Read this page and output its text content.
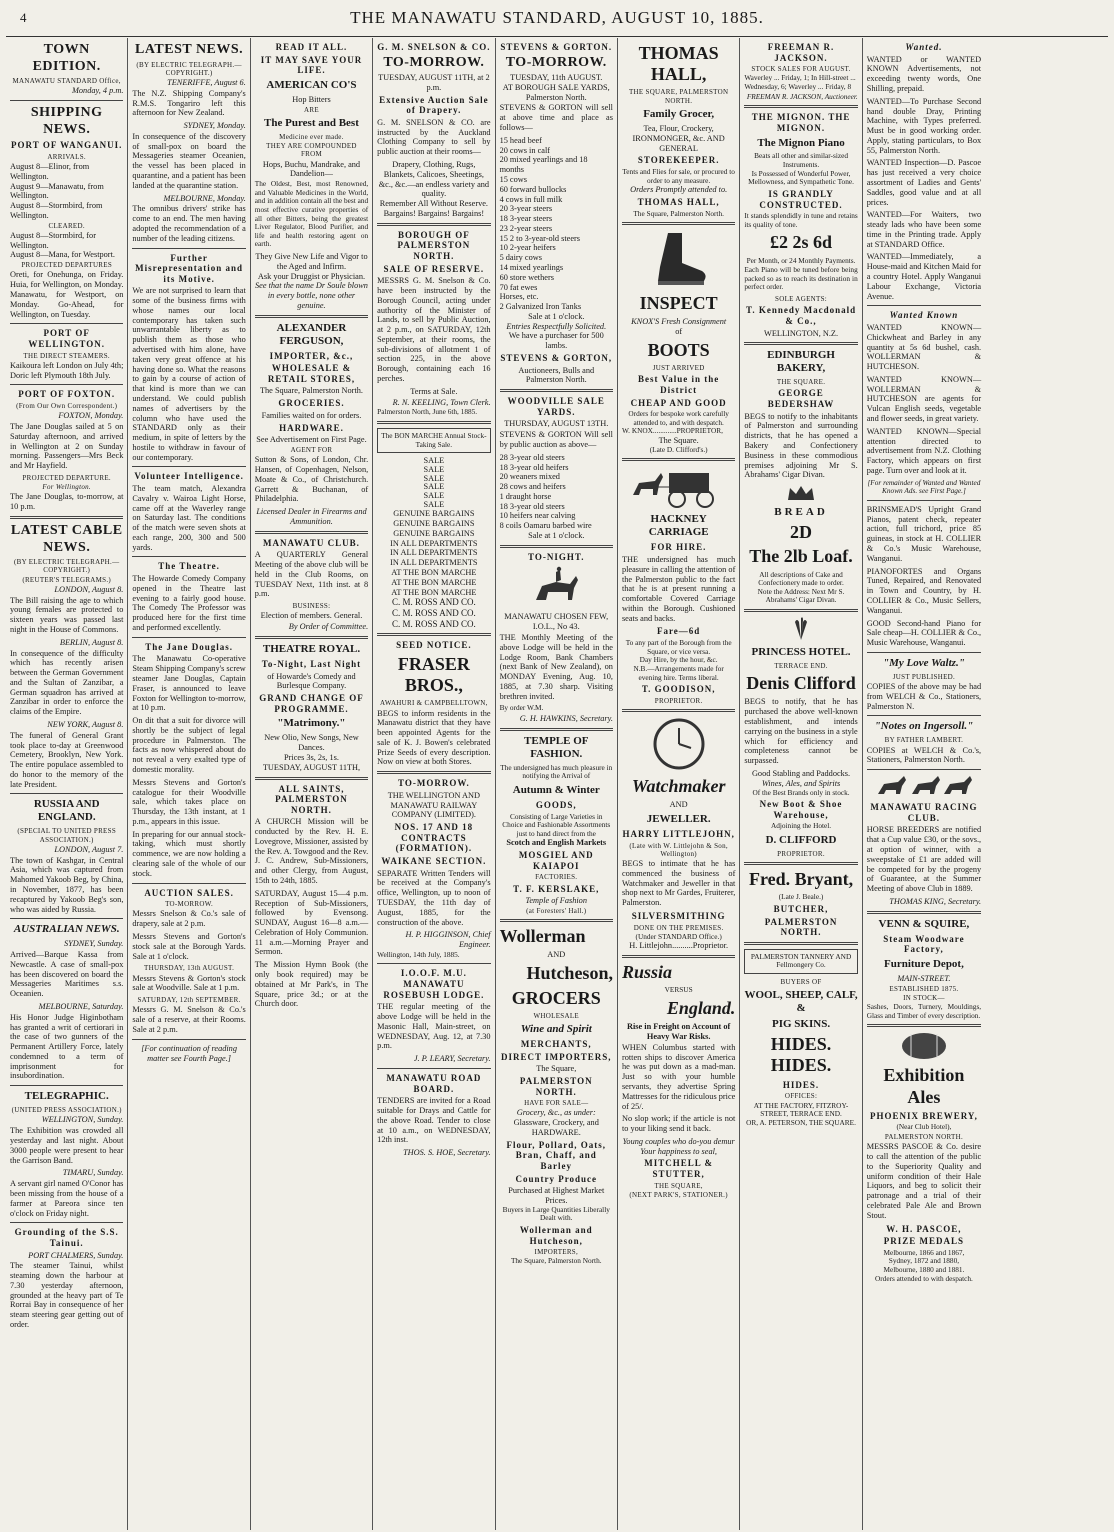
4	THE MANAWATU STANDARD, AUGUST 10, 1885.
TOWN EDITION.
MANAWATU STANDARD Office,
Monday, 4 p.m.
SHIPPING NEWS.
PORT OF WANGANUI.
ARRIVALS.
August 8—Elinor, from Wellington.
August 9—Manawatu, from Wellington.
August 8—Stormbird, from Wellington.
CLEARED.
August 8—Stormbird, for Wellington.
August 8—Mana, for Westport.
PROJECTED DEPARTURES
Oreti, for Onehunga, on Friday. Huia, for Wellington, on Monday. Manawatu, for Westport, on Monday. Go-Ahead, for Wellington, on Tuesday.
PORT OF WELLINGTON.
THE DIRECT STEAMERS.
Kaikoura left London on July 4th; Doric left Plymouth 18th July.
PORT OF FOXTON.
(From Our Own Correspondent.)
FOXTON, Monday.
The Jane Douglas sailed at 5 on Saturday afternoon, and arrived in Wellington at 2 on Sunday morning. Passengers—Mrs Beck and Mr Hayfield.
PROJECTED DEPARTURE.
For Wellington.
The Jane Douglas, to-morrow, at 10 p.m.
LATEST CABLE NEWS.
(BY ELECTRIC TELEGRAPH.—COPYRIGHT.)
(REUTER'S TELEGRAMS.)
LONDON, August 8.
The Bill raising the age to which young females are protected to sixteen years was passed last night in the House of Commons.
BERLIN, August 8.
In consequence of the difficulty which has recently arisen between the German Government and the Sultan of Zanzibar, a German squadron has arrived at Zanzibar in order to enforce the claims of the Empire.
NEW YORK, August 8.
The funeral of General Grant took place to-day at Greenwood Cemetery, Brooklyn, New York. The entire populace assembled to do honor to the memory of the late President.
RUSSIA AND ENGLAND.
(SPECIAL TO UNITED PRESS ASSOCIATION.)
LONDON, August 7.
The town of Kashgar, in Central Asia, which was captured from Mahomed Yakoob Beg, by China, in November, 1877, has been recaptured by Yakoob Beg's son, who was aided by Russia.
AUSTRALIAN NEWS.
SYDNEY, Sunday.
Arrived—Barque Kassa from Newcastle. A case of small-pox has been discovered on board the Messageries Maritimes s.s. Oceanien.
MELBOURNE, Saturday.
His Honor Judge Higinbotham has granted a writ of certiorari in the case of two gunners of the Permanent Artillery Force, lately condemned to a term of imprisonment for insubordination.
TELEGRAPHIC.
(UNITED PRESS ASSOCIATION.)
WELLINGTON, Sunday.
The Exhibition was crowded all yesterday and last night. About 3000 people were present to hear the Garrison Band.
TIMARU, Sunday.
A servant girl named O'Conor has been missing from the house of a farmer at Pareora since ten o'clock on Friday night.
Grounding of the S.S. Tainui.
PORT CHALMERS, Sunday.
The steamer Tainui, whilst steaming down the harbour at 7.30 yesterday afternoon, grounded at the heavy part of Te Rorrai Bay in consequence of her steam steering gear getting out of order.
LATEST NEWS.
(BY ELECTRIC TELEGRAPH.—COPYRIGHT.)
TENERIFFE, August 6.
The N.Z. Shipping Company's R.M.S. Tongariro left this afternoon for New Zealand.
SYDNEY, Monday.
In consequence of the discovery of small-pox on board the Messageries steamer Oceanien, the vessel has been placed in quarantine, and a patient has been landed at the quarantine station.
MELBOURNE, Monday.
The omnibus drivers' strike has come to an end. The men having adopted the recommendation of a number of the leading citizens.
Further Misrepresentation and its Motive.
We are not surprised to learn that some of the business firms with whose names our local contemporary has taken such unwarrantable liberty as to publish them as those who advertised with him alone, have taken very great offence at his having done so. What the reasons to gain by a course of action of that kind is more than we can understand. We could publish names of advertisers by the column who have used the STANDARD only as their medium, in spite of letters by the hostile to withdraw in favour of our contemporary.
Volunteer Intelligence.
The team match, Alexandra Cavalry v. Wairoa Light Horse, came off at the Waverley range on Saturday last. The conditions of the match were seven shots at each range, 200, 300 and 500 yards.
The Theatre.
The Howarde Comedy Company opened in the Theatre last evening to a fairly good house. The Comedy The Professor was produced here for the first time and performed excellently.
The Jane Douglas.
The Manawatu Co-operative Steam Shipping Company's screw steamer Jane Douglas, Captain Fraser, is announced to leave Foxton for Wellington to-morrow, at 10 p.m.
On dit that a suit for divorce will shortly be the subject of legal procedure in Palmerston. The facts as now whispered about do not reveal a very exalted type of domestic morality.
Messrs Stevens and Gorton's catalogue for their Woodville sale, which takes place on Thursday, the 13th instant, at 1 p.m., appears in this issue.
In preparing for our annual stock-taking, which must shortly commence, we are now holding a clearing sale of the whole of our stock.
AUCTION SALES.
TO-MORROW.
Messrs Snelson & Co.'s sale of drapery, sale at 2 p.m.
Messrs Stevens and Gorton's stock sale at the Borough Yards. Sale at 1 o'clock.
THURSDAY, 13th AUGUST.
Messrs Stevens & Gorton's stock sale at Woodville. Sale at 1 p.m.
SATURDAY, 12th SEPTEMBER.
Messrs G. M. Snelson & Co.'s sale of a reserve, at their Rooms. Sale at 2 p.m.
[For continuation of reading matter see Fourth Page.]
READ IT ALL.
IT MAY SAVE YOUR LIFE.
AMERICAN CO'S
Hop Bitters
ARE
The Purest and Best
Medicine ever made.
THEY ARE COMPOUNDED FROM
Hops, Buchu, Mandrake, and Dandelion—
The Oldest, Best, most Renowned, and Valuable Medicines in the World, and in addition contain all the best and most effective curative properties of all other Bitters, being the greatest Liver Regulator, Blood Purifier, and life and health restoring agent on earth.
They Give New Life and Vigor to the Aged and Infirm.
Ask your Druggist or Physician.
See that the name Dr Soule blown in every bottle, none other genuine.
ALEXANDER FERGUSON,
IMPORTER, &c.,
WHOLESALE & RETAIL STORES,
The Square, Palmerston North.
GROCERIES.
Families waited on for orders.
HARDWARE.
See Advertisement on First Page.
AGENT FOR
Sutton & Sons, of London, Chr. Hansen, of Copenhagen, Nelson, Moate & Co., of Christchurch. Garrett & Buchanan, of Philadelphia.
Licensed Dealer in Firearms and Ammunition.
MANAWATU CLUB.
A QUARTERLY General Meeting of the above club will be held in the Club Rooms, on TUESDAY Next, 11th inst. at 8 p.m.
BUSINESS:
Election of members. General.
By Order of Committee.
THEATRE ROYAL.
To-Night, Last Night
of Howarde's Comedy and Burlesque Company.
GRAND CHANGE OF PROGRAMME.
"Matrimony."
New Olio, New Songs, New Dances.
Prices 3s, 2s, 1s.
TUESDAY, AUGUST 11TH,
ALL SAINTS, PALMERSTON NORTH.
A CHURCH Mission will be conducted by the Rev. H. E. Lovegrove, Missioner, assisted by the Rev. A. Towgood and the Rev. J. C. Andrew, Sub-Missioners, and other Clergy, from August, 15th to 24th, 1885.
SATURDAY, August 15—4 p.m. Reception of Sub-Missioners, followed by Evensong. SUNDAY, August 16—8 a.m.—Celebration of Holy Communion. 11 a.m.—Morning Prayer and Sermon.
The Mission Hymn Book (the only book required) may be obtained at Mr Park's, in The Square, price 3d.; or at the Church door.
G. M. SNELSON & CO.
TO-MORROW.
TUESDAY, AUGUST 11TH, at 2 p.m.
Extensive Auction Sale of Drapery.
G. M. SNELSON & CO. are instructed by the Auckland Clothing Company to sell by public auction at their rooms—
Drapery, Clothing, Rugs, Blankets, Calicoes, Sheetings, &c., &c.—an endless variety and quality.
Remember All Without Reserve.
Bargains! Bargains! Bargains!
BOROUGH OF PALMERSTON NORTH.
SALE OF RESERVE.
MESSRS G. M. Snelson & Co. have been instructed by the Borough Council, acting under authority of the Minister of Lands, to sell by Public Auction, at 2 p.m., on SATURDAY, 12th September, at their rooms, the sub-divisions of allotment 1 of section 225, in the above Borough, containing each 16 perches.
Terms at Sale.
R. N. KEELING, Town Clerk.
Palmerston North, June 6th, 1885.
The BON MARCHE Annual Stock-Taking Sale.
SALE
SALE
SALE
SALE
SALE
SALE
GENUINE BARGAINS
GENUINE BARGAINS
GENUINE BARGAINS
IN ALL DEPARTMENTS
IN ALL DEPARTMENTS
IN ALL DEPARTMENTS
AT THE BON MARCHE
AT THE BON MARCHE
AT THE BON MARCHE
C. M. ROSS AND CO.
C. M. ROSS AND CO.
C. M. ROSS AND CO.
SEED NOTICE.
FRASER BROS.,
AWAHURI & CAMPBELLTOWN,
BEGS to inform residents in the Manawatu district that they have been appointed Agents for the sale of K. J. Bowen's celebrated Prize Seeds of every description. Now on view at both Stores.
TO-MORROW.
THE WELLINGTON AND MANAWATU RAILWAY COMPANY (LIMITED).
NOS. 17 AND 18 CONTRACTS (FORMATION).
WAIKANE SECTION.
SEPARATE Written Tenders will be received at the Company's office, Wellington, up to noon of TUESDAY, the 11th day of August, 1885, for the construction of the above.
H. P. HIGGINSON, Chief Engineer.
Wellington, 14th July, 1885.
I.O.O.F. M.U. MANAWATU ROSEBUSH LODGE.
THE regular meeting of the above Lodge will be held in the Masonic Hall, Main-street, on WEDNESDAY, Aug. 12, at 7.30 p.m.
J. P. LEARY, Secretary.
MANAWATU ROAD BOARD.
TENDERS are invited for a Road suitable for Drays and Cattle for the above Road. Tender to close at 10 a.m., on WEDNESDAY, 12th inst.
THOS. S. HOE, Secretary.
STEVENS & GORTON.
TO-MORROW.
TUESDAY, 11th AUGUST.
AT BOROUGH SALE YARDS, Palmerston North.
STEVENS & GORTON will sell at above time and place as follows—
15 head beef
20 cows in calf
20 mixed yearlings and 18 months
15 cows
60 forward bullocks
4 cows in full milk
20 3-year steers
18 3-year steers
23 2-year steers
15 2 to 3-year-old steers
10 2-year heifers
5 dairy cows
14 mixed yearlings
60 store wethers
70 fat ewes
Horses, etc.
2 Galvanized Iron Tanks
Sale at 1 o'clock.
Entries Respectfully Solicited.
We have a purchaser for 500 lambs.
STEVENS & GORTON,
Auctioneers, Bulls and Palmerston North.
WOODVILLE SALE YARDS.
THURSDAY, AUGUST 13TH.
STEVENS & GORTON Will sell by public auction as above—
28 3-year old steers
18 3-year old heifers
20 weaners mixed
28 cows and heifers
1 draught horse
18 3-year old steers
10 heifers near calving
8 coils Oamaru barbed wire
Sale at 1 o'clock.
TO-NIGHT.
MANAWATU CHOSEN FEW, I.O.L., No 43.
THE Monthly Meeting of the above Lodge will be held in the Lodge Room, Bank Chambers (next Bank of New Zealand), on MONDAY Evening, Aug. 10, 1885, at 7.30 sharp. Visiting brethren invited.
By order W.M.
G. H. HAWKINS, Secretary.
TEMPLE OF FASHION.
The undersigned has much pleasure in notifying the Arrival of
Autumn & Winter
GOODS,
Consisting of Large Varieties in Choice and Fashionable Assortments just to hand direct from the
Scotch and English Markets
MOSGIEL AND KAIAPOI
FACTORIES.
T. F. KERSLAKE,
Temple of Fashion
(at Foresters' Hall.)
Wollerman
AND
Hutcheson,
GROCERS
WHOLESALE
Wine and Spirit
MERCHANTS,
DIRECT IMPORTERS,
The Square,
PALMERSTON NORTH.
HAVE FOR SALE—
Grocery, &c., as under:
Glassware, Crockery, and HARDWARE.
Flour, Pollard, Oats, Bran, Chaff, and Barley
Country Produce
Purchased at Highest Market Prices.
Buyers in Large Quantities Liberally Dealt with.
Wollerman and Hutcheson,
IMPORTERS,
The Square, Palmerston North.
THOMAS HALL,
THE SQUARE, PALMERSTON NORTH.
Family Grocer,
Tea, Flour, Crockery,
IRONMONGER, &c. AND GENERAL
STOREKEEPER.
Tents and Flies for sale, or procured to order to any measure.
Orders Promptly attended to.
THOMAS HALL,
The Square, Palmerston North.
INSPECT
KNOX'S Fresh Consignment
of
BOOTS
JUST ARRIVED
Best Value in the District
CHEAP AND GOOD
Orders for bespoke work carefully attended to, and with despatch.
W. KNOX.............PROPRIETOR,
The Square.
(Late D. Clifford's.)
HACKNEY CARRIAGE
FOR HIRE.
THE undersigned has much pleasure in calling the attention of the Palmerston public to the fact that he is at present running a comfortable Covered Carriage within the Borough. Cushioned seats and backs.
Fare—6d
To any part of the Borough from the Square, or vice versa.
Day Hire, by the hour, &c.
N.B.—Arrangements made for evening hire. Terms liberal.
T. GOODISON,
PROPRIETOR.
Watchmaker
AND
JEWELLER.
HARRY LITTLEJOHN,
(Late with W. Littlejohn & Son, Wellington)
BEGS to intimate that he has commenced the business of Watchmaker and Jeweller in that shop next to Mr Gardes, Fruiterer, Palmerston.
SILVERSMITHING
DONE ON THE PREMISES.
(Under STANDARD Office.)
H. Littlejohn..........Proprietor.
Russia
VERSUS
England.
Rise in Freight on Account of Heavy War Risks.
WHEN Columbus started with rotten ships to discover America he was put down as a mad-man. Just so with your humble servants, they advertise Spring Mattresses for the ridiculous price of 25/.
No slop work; if the article is not to your liking send it back.
Young couples who do-you demur Your happiness to seal,
MITCHELL & STUTTER,
THE SQUARE,
(NEXT PARK'S, STATIONER.)
FREEMAN R. JACKSON.
STOCK SALES FOR AUGUST.
Waverley ... Friday, 1; In Hill-street ... Wednesday, 6; Waverley ... Friday, 8
FREEMAN R. JACKSON, Auctioneer.
THE MIGNON. THE MIGNON.
The Mignon Piano
Beats all other and similar-sized Instruments.
Is Possessed of Wonderful Power, Mellowness, and Sympathetic Tone.
IS GRANDLY CONSTRUCTED.
It stands splendidly in tune and retains its quality of tone.
£2 2s 6d
Per Month, or 24 Monthly Payments.
Each Piano will be tuned before being packed so as to reach its destination in perfect order.
SOLE AGENTS:
T. Kennedy Macdonald & Co.,
WELLINGTON, N.Z.
EDINBURGH BAKERY,
THE SQUARE.
GEORGE BEDERSHAW
BEGS to notify to the inhabitants of Palmerston and surrounding districts, that he has opened a Bakery and Confectionery Business in these commodious premises adjoining Mr S. Abrahams' Cigar Divan.
BREAD
2D
The 2lb Loaf.
All descriptions of Cake and Confectionery made to order.
Note the Address: Next Mr S. Abrahams' Cigar Divan.
PRINCESS HOTEL.
TERRACE END.
Denis Clifford
BEGS to notify, that he has purchased the above well-known establishment, and intends carrying on the business in a style which for efficiency and completeness cannot be surpassed.
Good Stabling and Paddocks.
Wines, Ales, and Spirits
Of the Best Brands only in stock.
New Boot & Shoe Warehouse,
Adjoining the Hotel.
D. CLIFFORD
PROPRIETOR.
Fred. Bryant,
(Late J. Beale.)
BUTCHER,
PALMERSTON NORTH.
PALMERSTON TANNERY AND Fellmongery Co.
BUYERS OF
WOOL, SHEEP, CALF, &
PIG SKINS.
HIDES. HIDES.
HIDES.
OFFICES:
AT THE FACTORY, FITZROY-STREET, TERRACE END.
OR, A. PETERSON, THE SQUARE.
Wanted.
WANTED or WANTED KNOWN Advertisements, not exceeding twenty words, One Shilling, prepaid.
WANTED—To Purchase Second hand double Dray, Printing Machine, with Types preferred. Must be in good working order. Apply, stating particulars, to Box 55, Palmerston North.
WANTED Inspection—D. Pascoe has just received a very choice assortment of Ladies and Gents' Saddles, good value and at all prices.
WANTED—For Waiters, two steady lads who have been some time in the Printing trade. Apply at STANDARD Office.
WANTED—Immediately, a House-maid and Kitchen Maid for a country Hotel. Apply Wanganui Labour Exchange, Victoria Avenue.
Wanted Known
WANTED KNOWN—Chickwheat and Barley in any quantity at 5s 6d bushel, cash. WOLLERMAN & HUTCHESON.
WANTED KNOWN—WOLLERMAN & HUTCHESON are agents for Vulcan English seeds, vegetable and flower seeds, in great variety.
WANTED KNOWN—Special attention directed to advertisement from N.Z. Clothing Factory, which appears on first page. Turn over and look at it.
[For remainder of Wanted and Wanted Known Ads. see First Page.]
BRINSMEAD'S Upright Grand Pianos, patent check, repeater action, full trichord, price 85 guineas, in stock at H. COLLIER & Co.'s Music Warehouse, Wanganui.
PIANOFORTES and Organs Tuned, Repaired, and Renovated in Town and Country, by H. COLLIER & Co., Music Sellers, Wanganui.
GOOD Second-hand Piano for Sale cheap—H. COLLIER & Co., Music Warehouse, Wanganui.
"My Love Waltz."
JUST PUBLISHED.
COPIES of the above may be had from WELCH & Co., Stationers, Palmerston N.
"Notes on Ingersoll."
BY FATHER LAMBERT.
COPIES at WELCH & Co.'s, Stationers, Palmerston North.
MANAWATU RACING CLUB.
HORSE BREEDERS are notified that a Cup value £30, or the sovs., at option of winner, with a sweepstake of £1 are added will be competed for by the progeny of Guarantee, at the Summer Meeting of above Club in 1889.
THOMAS KING, Secretary.
VENN & SQUIRE,
Steam Woodware Factory,
Furniture Depot,
MAIN-STREET.
ESTABLISHED 1875.
IN STOCK—
Sashes, Doors, Turnery, Mouldings, Glass and Timber of every description.
Exhibition Ales
PHOENIX BREWERY,
(Near Club Hotel),
PALMERSTON NORTH.
MESSRS PASCOE & Co. desire to call the attention of the public to the Superiority Quality and uniform condition of their Hale Liquors, and beg to solicit their patronage and a trial of their celebrated Pale Ale and Brown Stout.
W. H. PASCOE,
PRIZE MEDALS
Melbourne, 1866 and 1867,
Sydney, 1872 and 1880,
Melbourne, 1880 and 1881.
Orders attended to with despatch.
